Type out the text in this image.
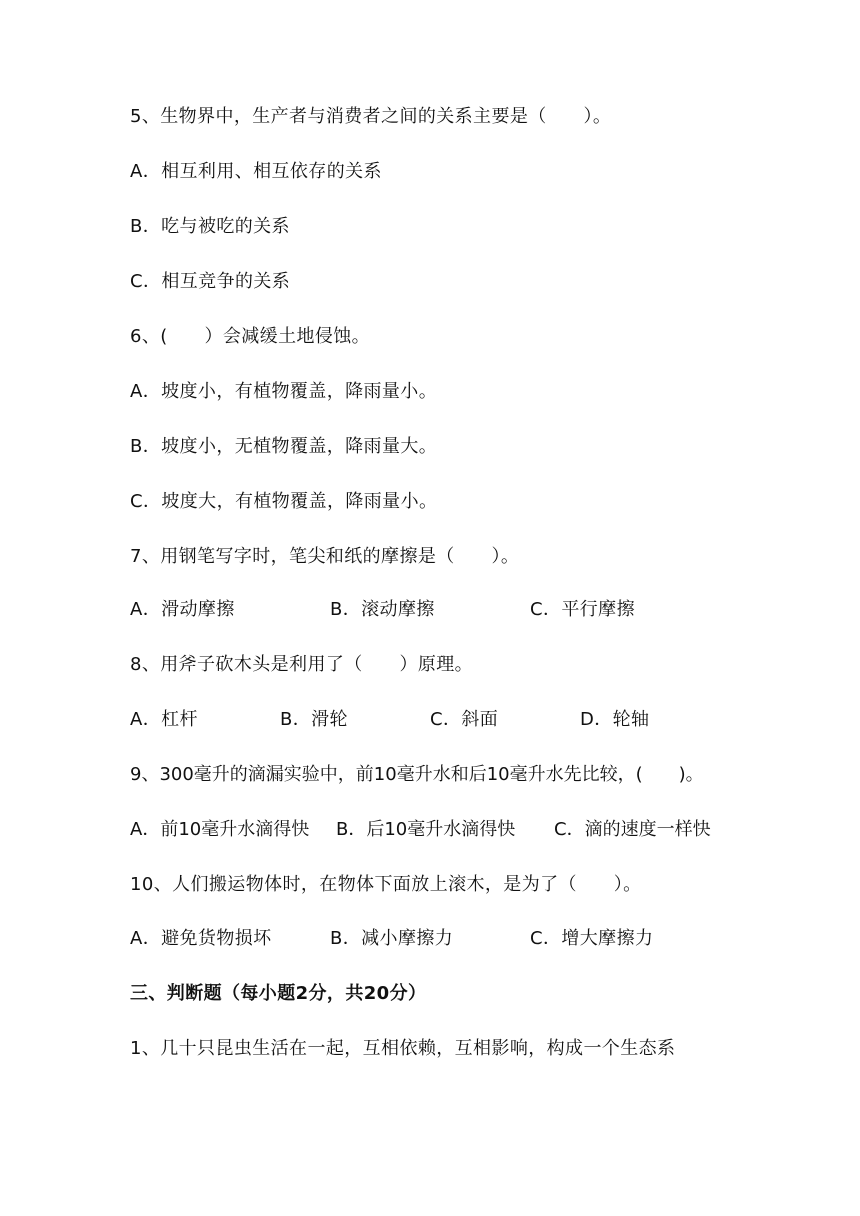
5、生物界中，生产者与消费者之间的关系主要是（　　）。
A．相互利用、相互依存的关系
B．吃与被吃的关系
C．相互竞争的关系
6、(　　）会减缓土地侵蚀。
A．坡度小，有植物覆盖，降雨量小。
B．坡度小，无植物覆盖，降雨量大。
C．坡度大，有植物覆盖，降雨量小。
7、用钢笔写字时，笔尖和纸的摩擦是（　　）。
A．滑动摩擦	B．滚动摩擦	C．平行摩擦
8、用斧子砍木头是利用了（　　）原理。
A．杠杆	B．滑轮	C．斜面	D．轮轴
9、300毫升的滴漏实验中，前10毫升水和后10毫升水先比较，(　　)。
A．前10毫升水滴得快 B．后10毫升水滴得快 C．滴的速度一样快
10、人们搬运物体时，在物体下面放上滚木，是为了（　　）。
A．避免货物损坏	B．减小摩擦力	C．增大摩擦力
三、判断题（每小题2分，共20分）
1、几十只昆虫生活在一起，互相依赖，互相影响，构成一个生态系
